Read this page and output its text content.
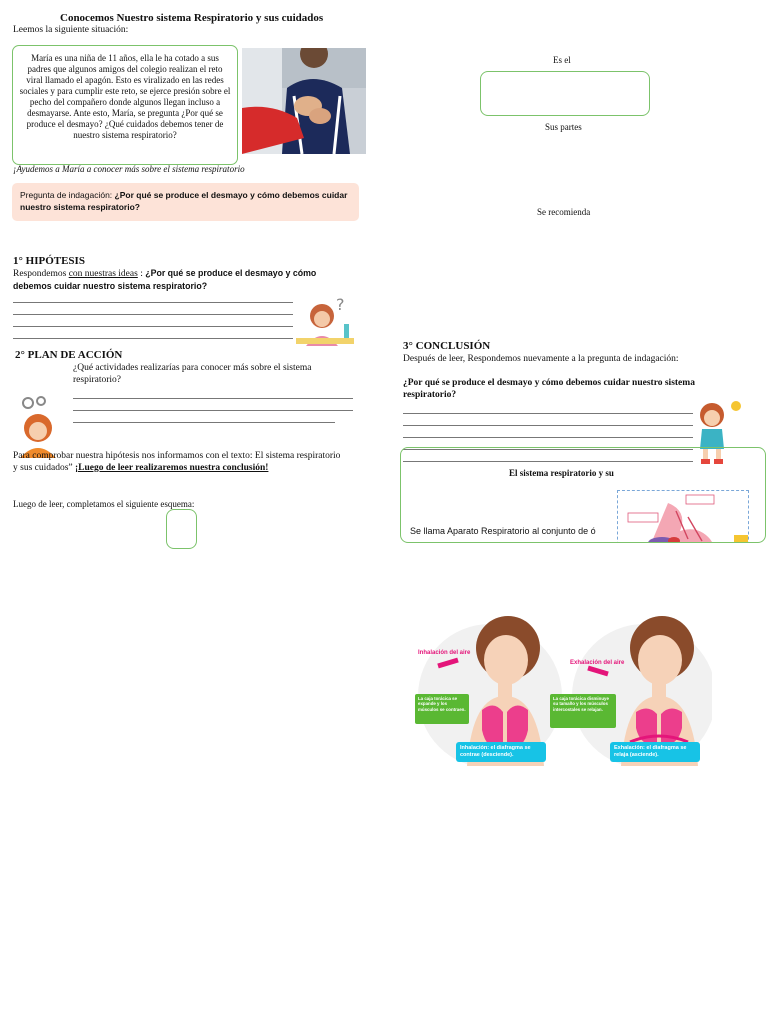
Conocemos Nuestro sistema Respiratorio y sus cuidados
Leemos la siguiente situación:
María es una niña de 11 años, ella le ha cotado a sus padres que algunos amigos del colegio realizan el reto viral llamado el apagón. Esto es viralizado en las redes sociales y para cumplir este reto, se ejerce presión sobre el pecho del compañero donde algunos llegan incluso a desmayarse. Ante esto, María, se pregunta ¿Por qué se produce el desmayo? ¿Qué cuidados debemos tener de nuestro sistema respiratorio?
¡Ayudemos a María a conocer más sobre el sistema respiratorio
Pregunta de indagación: ¿Por qué se produce el desmayo y cómo debemos cuidar nuestro sistema respiratorio?
1° HIPÓTESIS
Respondemos con nuestras ideas : ¿Por qué se produce el desmayo y cómo debemos cuidar nuestro sistema respiratorio?
?
2° PLAN DE ACCIÓN
¿Qué actividades realizarías para conocer más sobre el sistema respiratorio?
Para comprobar nuestra hipótesis nos informamos con el texto: El sistema respiratorio y sus cuidados” ¡Luego de leer realizaremos nuestra conclusión!
Luego de leer, completamos el siguiente esquema:
Es el
Sus partes
Se recomienda
3° CONCLUSIÓN
Después de leer, Respondemos nuevamente a la pregunta de indagación:
¿Por qué se produce el desmayo y cómo debemos cuidar nuestro sistema respiratorio?
El sistema respiratorio y su
Se llama Aparato Respiratorio al conjunto de ó
Inhalación del aire
Exhalación del aire
La caja torácica se expande y los músculos se contraen.
La caja torácica disminuye su tamaño y los músculos intercostales se relajan.
Inhalación: el diafragma se contrae (desciende).
Exhalación: el diafragma se relaja (asciende).
